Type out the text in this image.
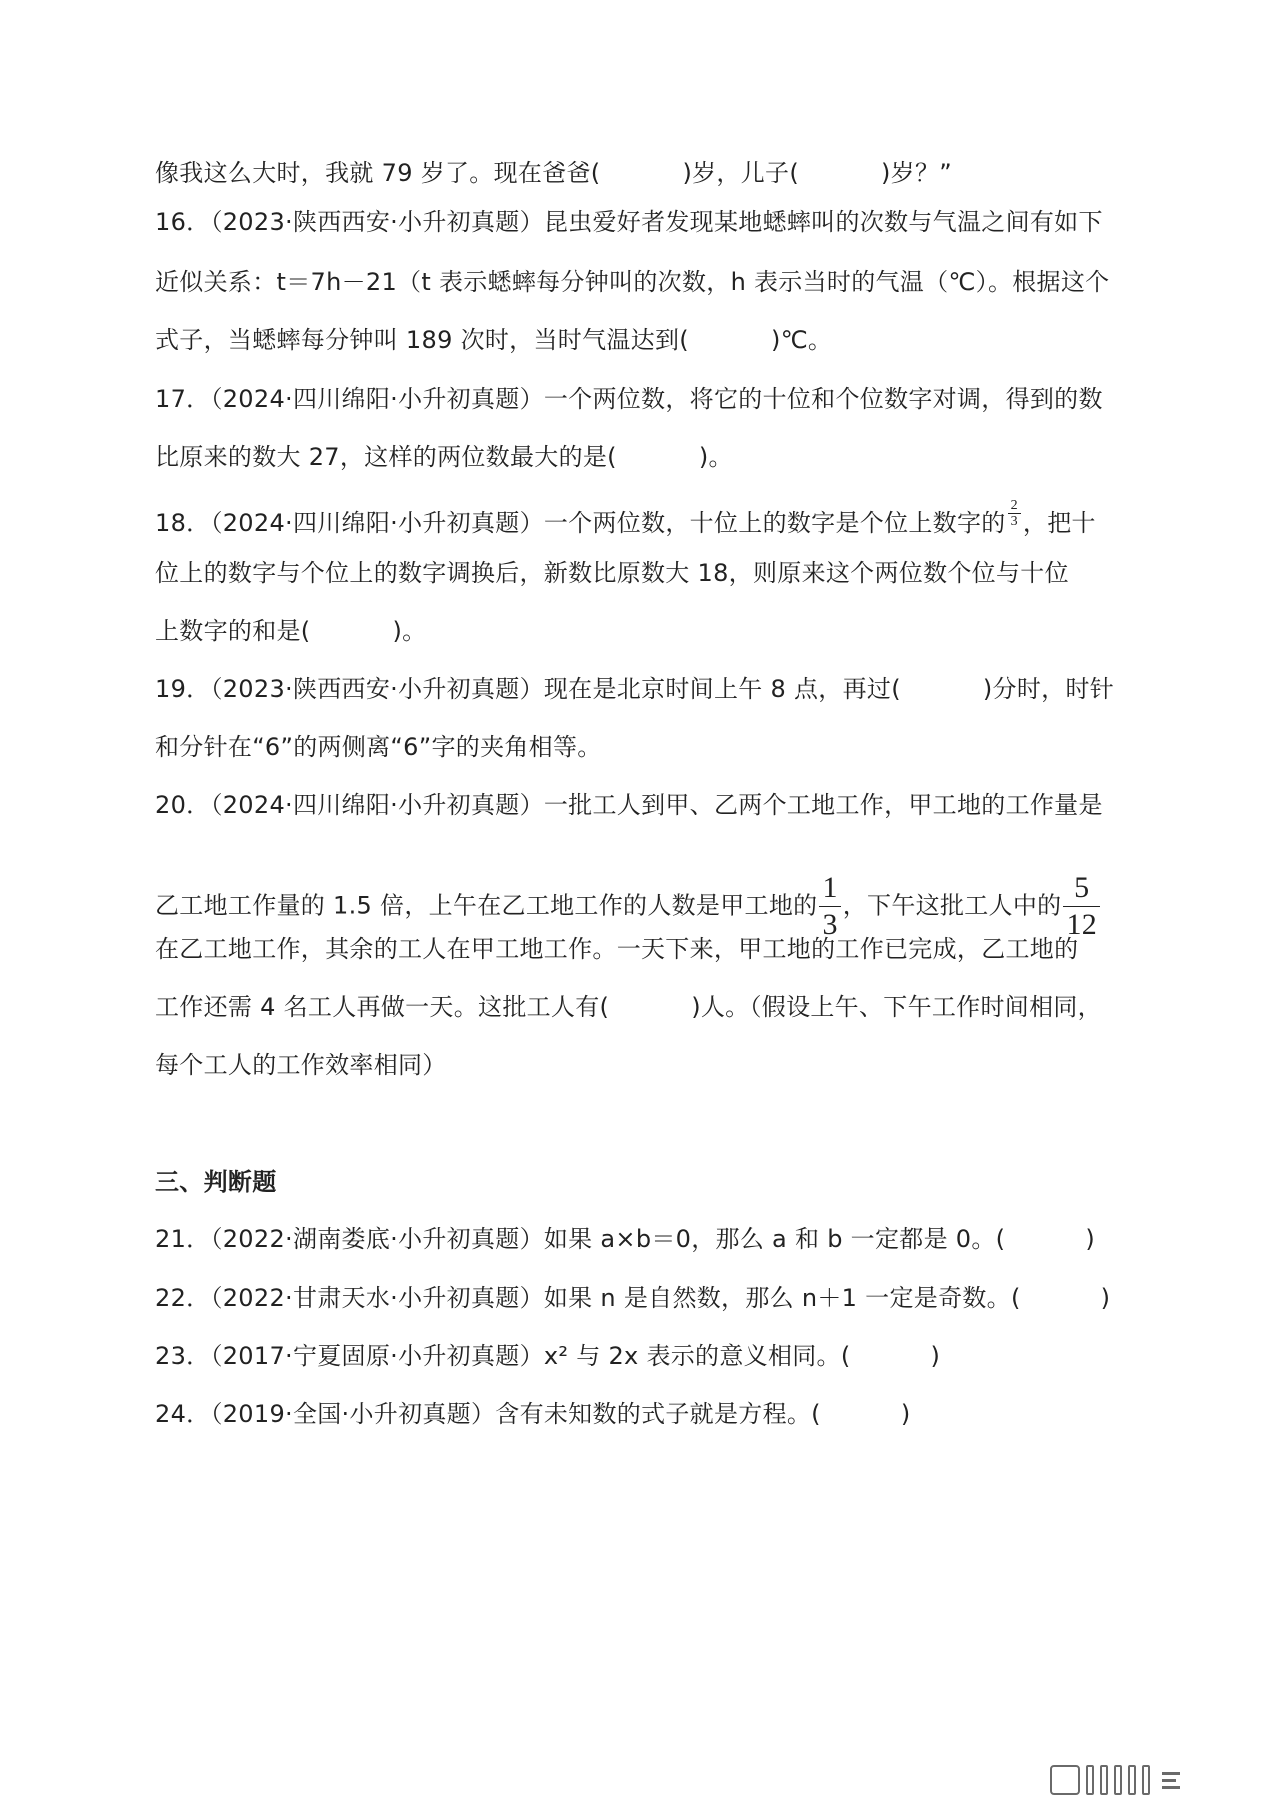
像我这么大时，我就 79 岁了。现在爸爸(	)岁，儿子(	)岁？”
16．（2023·陕西西安·小升初真题）昆虫爱好者发现某地蟋蟀叫的次数与气温之间有如下
近似关系：t＝7h－21（t 表示蟋蟀每分钟叫的次数，h 表示当时的气温（℃）。根据这个
式子，当蟋蟀每分钟叫 189 次时，当时气温达到(	)℃。
17．（2024·四川绵阳·小升初真题）一个两位数，将它的十位和个位数字对调，得到的数
比原来的数大 27，这样的两位数最大的是(	)。
18．（2024·四川绵阳·小升初真题）一个两位数，十位上的数字是个位上数字的 $\frac{2}{3}$ ，把十
位上的数字与个位上的数字调换后，新数比原数大 18，则原来这个两位数个位与十位
上数字的和是(	)。
19．（2023·陕西西安·小升初真题）现在是北京时间上午 8 点，再过(	)分时，时针
和分针在“6”的两侧离“6”字的夹角相等。
20．（2024·四川绵阳·小升初真题）一批工人到甲、乙两个工地工作，甲工地的工作量是
乙工地工作量的 1.5 倍，上午在乙工地工作的人数是甲工地的 $\frac{1}{3}$ ，下午这批工人中的 $\frac{5}{12}$
在乙工地工作，其余的工人在甲工地工作。一天下来，甲工地的工作已完成，乙工地的
工作还需 4 名工人再做一天。这批工人有(	)人。（假设上午、下午工作时间相同，
每个工人的工作效率相同）
三、判断题
21．（2022·湖南娄底·小升初真题）如果 a×b＝0，那么 a 和 b 一定都是 0。(	)
22．（2022·甘肃天水·小升初真题）如果 n 是自然数，那么 n＋1 一定是奇数。(	)
23．（2017·宁夏固原·小升初真题）x² 与 2x 表示的意义相同。(	)
24．（2019·全国·小升初真题）含有未知数的式子就是方程。(	)
